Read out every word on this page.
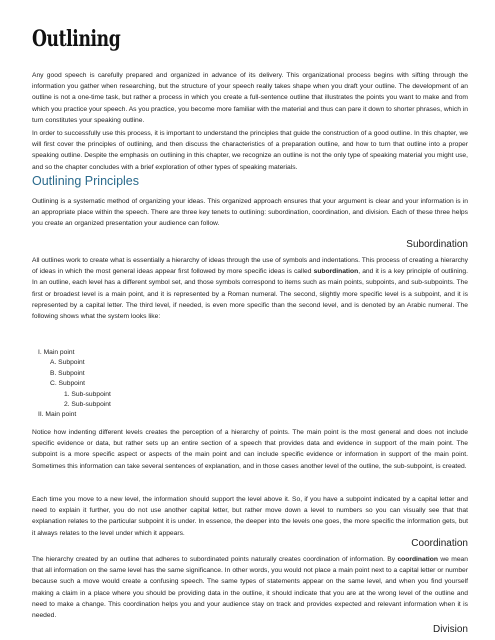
Outlining

Any good speech is carefully prepared and organized in advance of its delivery. This organizational process begins with sifting through the information you gather when researching, but the structure of your speech really takes shape when you draft your outline. The development of an outline is not a one-time task, but rather a process in which you create a full-sentence outline that illustrates the points you want to make and from which you practice your speech. As you practice, you become more familiar with the material and thus can pare it down to shorter phrases, which in turn constitutes your speaking outline.

In order to successfully use this process, it is important to understand the principles that guide the construction of a good outline. In this chapter, we will first cover the principles of outlining, and then discuss the characteristics of a preparation outline, and how to turn that outline into a proper speaking outline. Despite the emphasis on outlining in this chapter, we recognize an outline is not the only type of speaking material you might use, and so the chapter concludes with a brief exploration of other types of speaking materials.

Outlining Principles

Outlining is a systematic method of organizing your ideas. This organized approach ensures that your argument is clear and your information is in an appropriate place within the speech. There are three key tenets to outlining: subordination, coordination, and division. Each of these three helps you create an organized presentation your audience can follow.

Subordination

All outlines work to create what is essentially a hierarchy of ideas through the use of symbols and indentations. This process of creating a hierarchy of ideas in which the most general ideas appear first followed by more specific ideas is called subordination, and it is a key principle of outlining. In an outline, each level has a different symbol set, and those symbols correspond to items such as main points, subpoints, and sub-subpoints. The first or broadest level is a main point, and it is represented by a Roman numeral. The second, slightly more specific level is a subpoint, and it is represented by a capital letter. The third level, if needed, is even more specific than the second level, and is denoted by an Arabic numeral. The following shows what the system looks like:

I. Main point
A. Subpoint
B. Subpoint
C. Subpoint
1. Sub-subpoint
2. Sub-subpoint
II. Main point

Notice how indenting different levels creates the perception of a hierarchy of points. The main point is the most general and does not include specific evidence or data, but rather sets up an entire section of a speech that provides data and evidence in support of the main point. The subpoint is a more specific aspect or aspects of the main point and can include specific evidence or information in support of the main point. Sometimes this information can take several sentences of explanation, and in those cases another level of the outline, the sub-subpoint, is created.

Each time you move to a new level, the information should support the level above it. So, if you have a subpoint indicated by a capital letter and need to explain it further, you do not use another capital letter, but rather move down a level to numbers so you can visually see that that explanation relates to the particular subpoint it is under. In essence, the deeper into the levels one goes, the more specific the information gets, but it always relates to the level under which it appears.

Coordination

The hierarchy created by an outline that adheres to subordinated points naturally creates coordination of information. By coordination we mean that all information on the same level has the same significance. In other words, you would not place a main point next to a capital letter or number because such a move would create a confusing speech. The same types of statements appear on the same level, and when you find yourself making a claim in a place where you should be providing data in the outline, it should indicate that you are at the wrong level of the outline and need to make a change. This coordination helps you and your audience stay on track and provides expected and relevant information when it is needed.

Division
